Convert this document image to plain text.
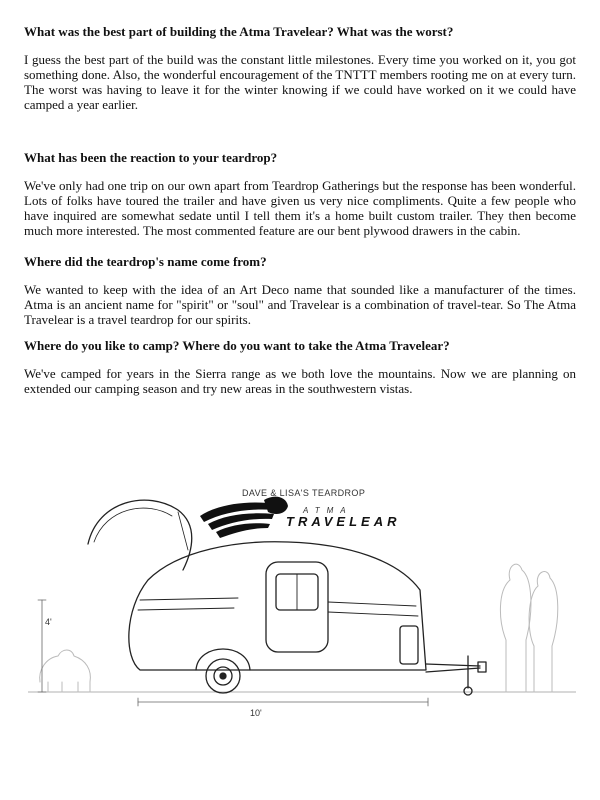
What was the best part of building the Atma Travelear? What was the worst?

I guess the best part of the build was the constant little milestones. Every time you worked on it, you got something done. Also, the wonderful encouragement of the TNTTT members rooting me on at every turn. The worst was having to leave it for the winter knowing if we could have worked on it we could have camped a year earlier.

What has been the reaction to your teardrop?

We've only had one trip on our own apart from Teardrop Gatherings but the response has been wonderful. Lots of folks have toured the trailer and have given us very nice compliments. Quite a few people who have inquired are somewhat sedate until I tell them it's a home built custom trailer. They then become much more interested. The most commented feature are our bent plywood drawers in the cabin.

Where did the teardrop's name come from?

We wanted to keep with the idea of an Art Deco name that sounded like a manufacturer of the times. Atma is an ancient name for "spirit" or "soul" and Travelear is a combination of travel-tear. So The Atma Travelear is a travel teardrop for our spirits.

Where do you like to camp? Where do you want to take the Atma Travelear?

We've camped for years in the Sierra range as we both love the mountains. Now we are planning on extended our camping season and try new areas in the southwestern vistas.

DAVE & LISA'S TEARDROP
ATMA
TRAVELEAR
4'
10'
